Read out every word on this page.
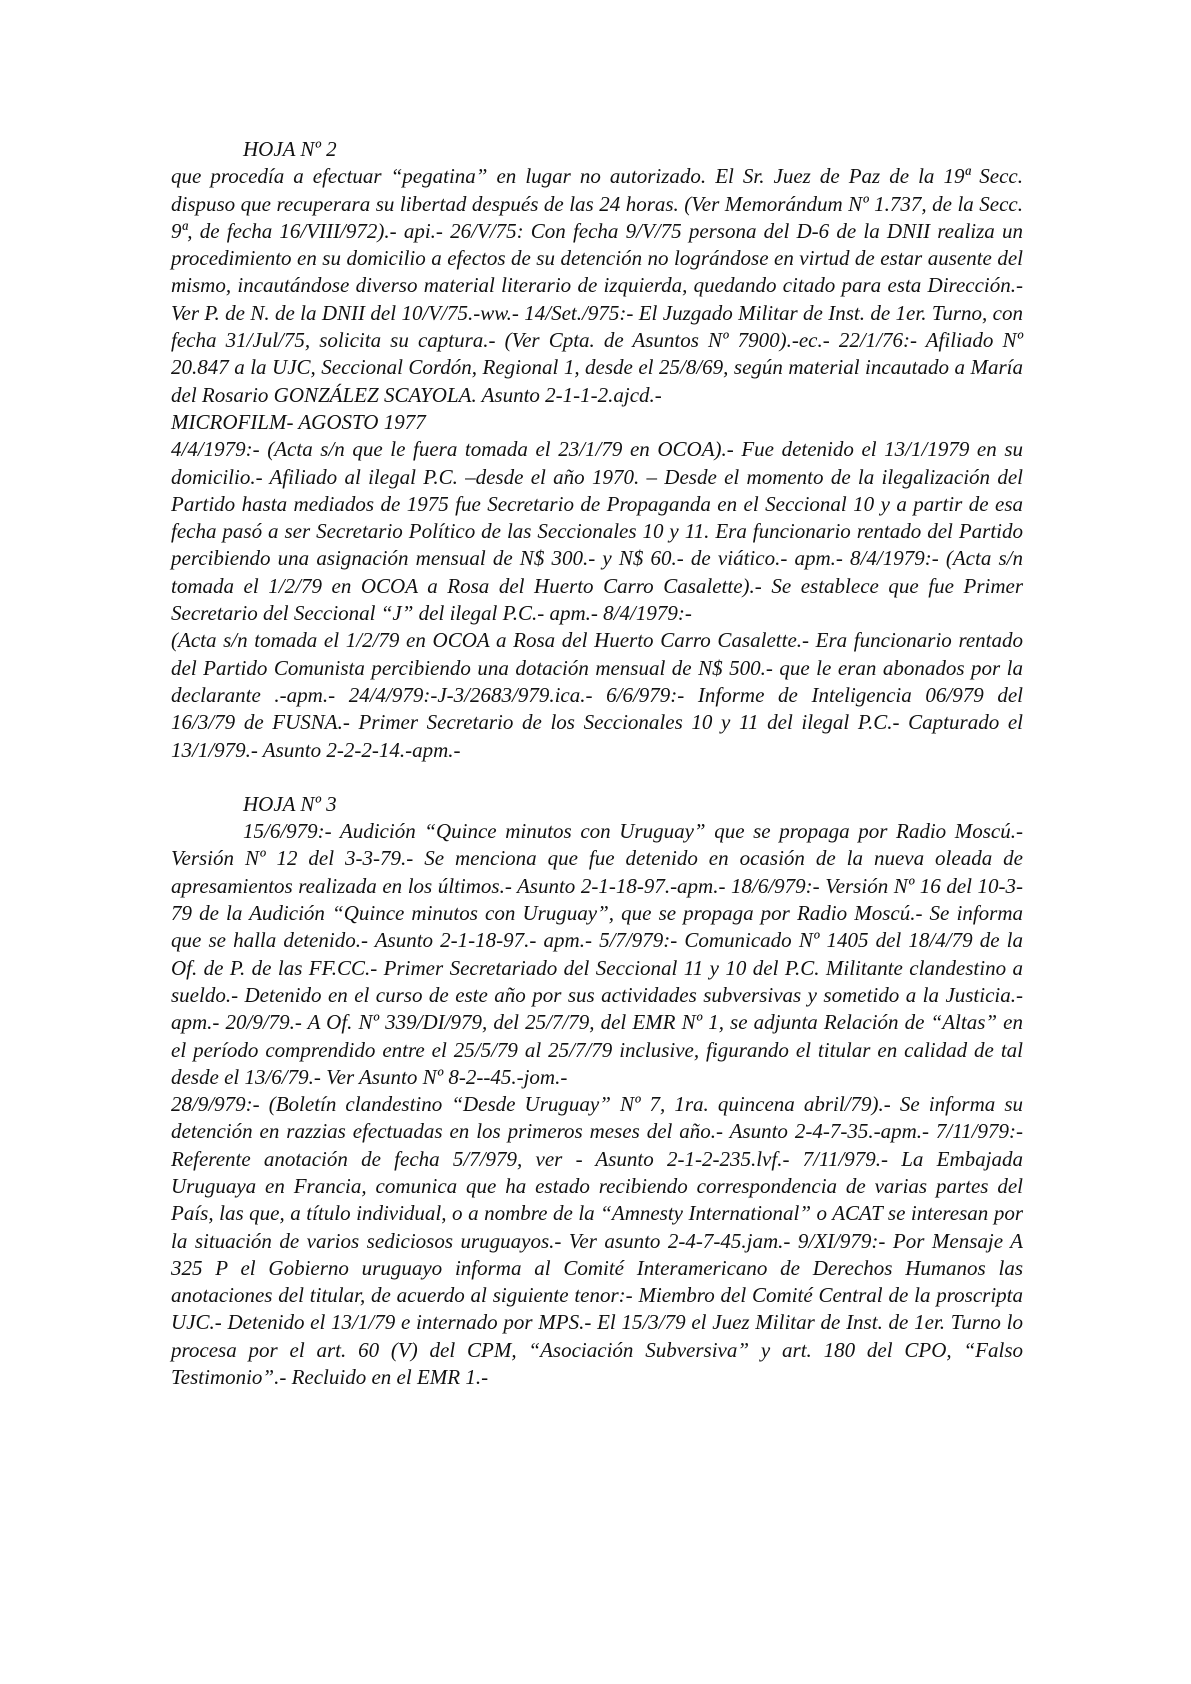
HOJA Nº 2

que procedía a efectuar “pegatina” en lugar no autorizado. El Sr. Juez de Paz de la 19ª Secc. dispuso que recuperara su libertad después de las 24 horas. (Ver Memorándum Nº 1.737, de la Secc. 9ª, de fecha 16/VIII/972).- api.- 26/V/75: Con fecha 9/V/75 persona del D-6 de la DNII realiza un procedimiento en su domicilio a efectos de su detención no lográndose en virtud de estar ausente del mismo, incautándose diverso material literario de izquierda, quedando citado para esta Dirección.- Ver P. de N. de la DNII del 10/V/75.-ww.- 14/Set./975:- El Juzgado Militar de Inst. de 1er. Turno, con fecha 31/Jul/75, solicita su captura.- (Ver Cpta. de Asuntos Nº 7900).-ec.- 22/1/76:- Afiliado Nº 20.847 a la UJC, Seccional Cordón, Regional 1, desde el 25/8/69, según material incautado a María del Rosario GONZÁLEZ SCAYOLA. Asunto 2-1-1-2.ajcd.-

MICROFILM- AGOSTO 1977

4/4/1979:- (Acta s/n que le fuera tomada el 23/1/79 en OCOA).- Fue detenido el 13/1/1979 en su domicilio.- Afiliado al ilegal P.C. –desde el año 1970. – Desde el momento de la ilegalización del Partido hasta mediados de 1975 fue Secretario de Propaganda en el Seccional 10 y a partir de esa fecha pasó a ser Secretario Político de las Seccionales 10 y 11. Era funcionario rentado del Partido percibiendo una asignación mensual de N$ 300.- y N$ 60.- de viático.- apm.- 8/4/1979:- (Acta s/n tomada el 1/2/79 en OCOA a Rosa del Huerto Carro Casalette).- Se establece que fue Primer Secretario del Seccional “J” del ilegal P.C.- apm.- 8/4/1979:-

(Acta s/n tomada el 1/2/79 en OCOA a Rosa del Huerto Carro Casalette.- Era funcionario rentado del Partido Comunista percibiendo una dotación mensual de N$ 500.- que le eran abonados por la declarante .-apm.- 24/4/979:-J-3/2683/979.ica.- 6/6/979:- Informe de Inteligencia 06/979 del 16/3/79 de FUSNA.- Primer Secretario de los Seccionales 10 y 11 del ilegal P.C.- Capturado el 13/1/979.- Asunto 2-2-2-14.-apm.-

HOJA Nº 3

15/6/979:- Audición “Quince minutos con Uruguay” que se propaga por Radio Moscú.- Versión Nº 12 del 3-3-79.- Se menciona que fue detenido en ocasión de la nueva oleada de apresamientos realizada en los últimos.- Asunto 2-1-18-97.-apm.- 18/6/979:- Versión Nº 16 del 10-3-79 de la Audición “Quince minutos con Uruguay”, que se propaga por Radio Moscú.- Se informa que se halla detenido.- Asunto 2-1-18-97.- apm.- 5/7/979:- Comunicado Nº 1405 del 18/4/79 de la Of. de P. de las FF.CC.- Primer Secretariado del Seccional 11 y 10 del P.C. Militante clandestino a sueldo.- Detenido en el curso de este año por sus actividades subversivas y sometido a la Justicia.-apm.- 20/9/79.- A Of. Nº 339/DI/979, del 25/7/79, del EMR Nº 1, se adjunta Relación de “Altas” en el período comprendido entre el 25/5/79 al 25/7/79 inclusive, figurando el titular en calidad de tal desde el 13/6/79.- Ver Asunto Nº 8-2--45.-jom.-

28/9/979:- (Boletín clandestino “Desde Uruguay” Nº 7, 1ra. quincena abril/79).- Se informa su detención en razzias efectuadas en los primeros meses del año.- Asunto 2-4-7-35.-apm.- 7/11/979:- Referente anotación de fecha 5/7/979, ver - Asunto 2-1-2-235.lvf.- 7/11/979.- La Embajada Uruguaya en Francia, comunica que ha estado recibiendo correspondencia de varias partes del País, las que, a título individual, o a nombre de la “Amnesty International” o ACAT se interesan por la situación de varios sediciosos uruguayos.- Ver asunto 2-4-7-45.jam.- 9/XI/979:- Por Mensaje A 325 P el Gobierno uruguayo informa al Comité Interamericano de Derechos Humanos las anotaciones del titular, de acuerdo al siguiente tenor:- Miembro del Comité Central de la proscripta UJC.- Detenido el 13/1/79 e internado por MPS.- El 15/3/79 el Juez Militar de Inst. de 1er. Turno lo procesa por el art. 60 (V) del CPM, “Asociación Subversiva” y art. 180 del CPO, “Falso Testimonio”.- Recluido en el EMR 1.-
